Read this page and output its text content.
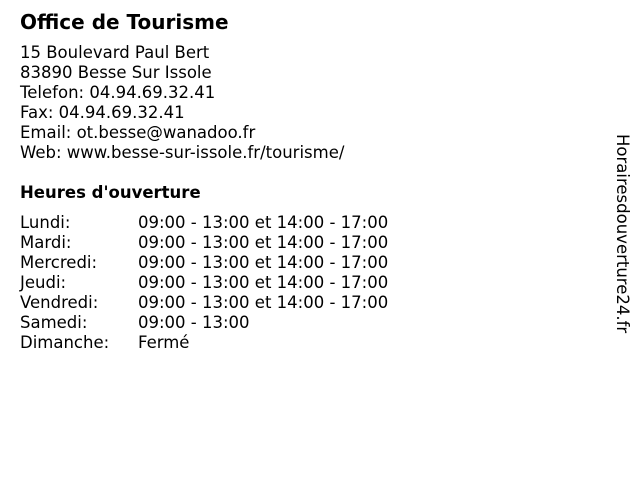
Office de Tourisme
15 Boulevard Paul Bert
83890 Besse Sur Issole
Telefon: 04.94.69.32.41
Fax: 04.94.69.32.41
Email: ot.besse@wanadoo.fr
Web: www.besse-sur-issole.fr/tourisme/
Heures d'ouverture
Lundi:	09:00 - 13:00 et 14:00 - 17:00
Mardi:	09:00 - 13:00 et 14:00 - 17:00
Mercredi: 09:00 - 13:00 et 14:00 - 17:00
Jeudi:	09:00 - 13:00 et 14:00 - 17:00
Vendredi: 09:00 - 13:00 et 14:00 - 17:00
Samedi:	09:00 - 13:00
Dimanche: Fermé
Horairesdouverture24.fr
